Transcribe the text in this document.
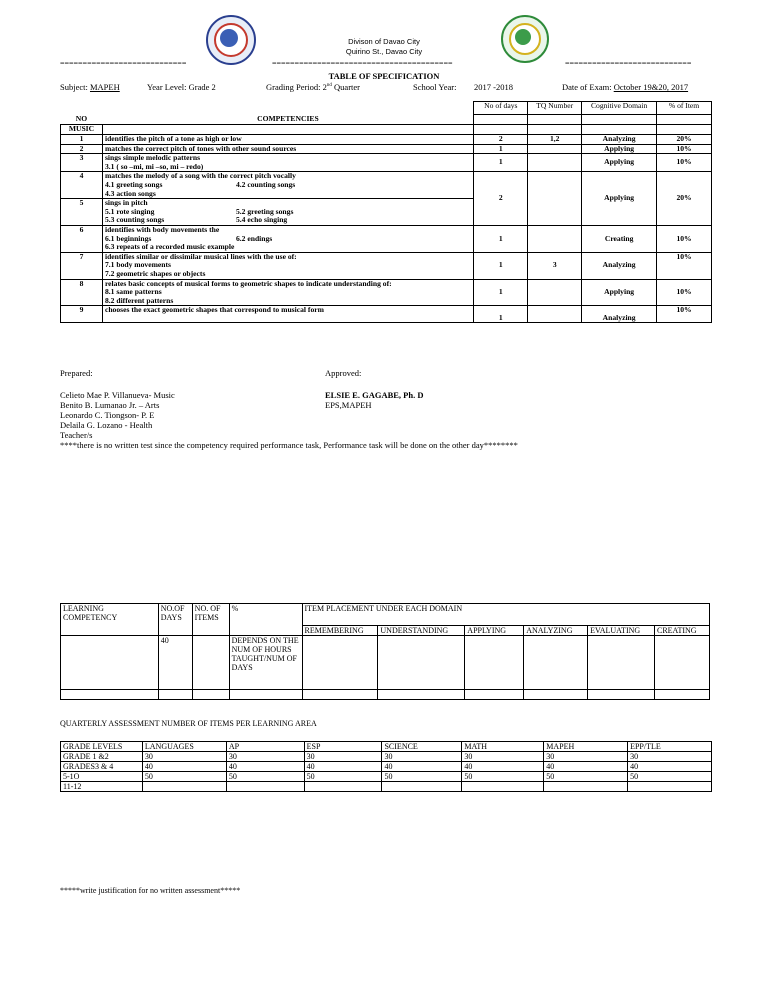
Divison of Davao City
Quirino St., Davao City
============================	========================================	============================
TABLE OF SPECIFICATION
Subject: MAPEH	Year Level: Grade 2	Grading Period: 2nd Quarter	School Year: 2017 -2018	Date of Exam: October 19&20, 2017
		No of days	TQ Number	Cognitive Domain	% of Item
NO	COMPETENCIES				
MUSIC					
1	identifies the pitch of a tone as high or low	2	1,2	Analyzing	20%
2	matches the correct pitch of tones with other sound sources	1		Applying	10%
3	sings simple melodic patterns
3.1 ( so –mi, mi –so, mi – redo)	1		Applying	10%
4	matches the melody of a song with the correct pitch vocally
4.1 greeting songs 4.2 counting songs
4.3 action songs	2		Applying	20%
5	sings in pitch
5.1 rote singing 5.2 greeting songs
5.3 counting songs 5.4 echo singing				

6	identifies with body movements the
6.1 beginnings 6.2 endings
6.3 repeats of a recorded music example	1		Creating	10%
7	identifies similar or dissimilar musical lines with the use of:
7.1 body movements
7.2 geometric shapes or objects	1	3	Analyzing	10%
8	relates basic concepts of musical forms to geometric shapes to indicate understanding of:
8.1 same patterns
8.2 different patterns	1		Applying	10%
9	chooses the exact geometric shapes that correspond to musical form	1		Analyzing	10%
Prepared:	Approved:
Celieto Mae P. Villanueva- Music
Benito B. Lumanao Jr. – Arts
Leonardo C. Tiongson- P. E
Delaila G. Lozano - Health
Teacher/s
ELSIE E. GAGABE, Ph. D
EPS,MAPEH
****there is no written test since the competency required performance task, Performance task will be done on the other day********
LEARNING COMPETENCY	NO.OF DAYS	NO. OF ITEMS	%	ITEM PLACEMENT UNDER EACH DOMAIN					
				REMEMBERING	UNDERSTANDING	APPLYING	ANALYZING	EVALUATING	CREATING
	40		DEPENDS ON THE NUM OF HOURS TAUGHT/NUM OF DAYS						

QUARTERLY ASSESSMENT NUMBER OF ITEMS PER LEARNING AREA
GRADE LEVELS	LANGUAGES	AP	ESP	SCIENCE	MATH	MAPEH	EPP/TLE
GRADE 1 &2	30	30	30	30	30	30	30
GRADES3 & 4	40	40	40	40	40	40	40
5-1O	50	50	50	50	50	50	50
11-12							
*****write justification for no written assessment*****
